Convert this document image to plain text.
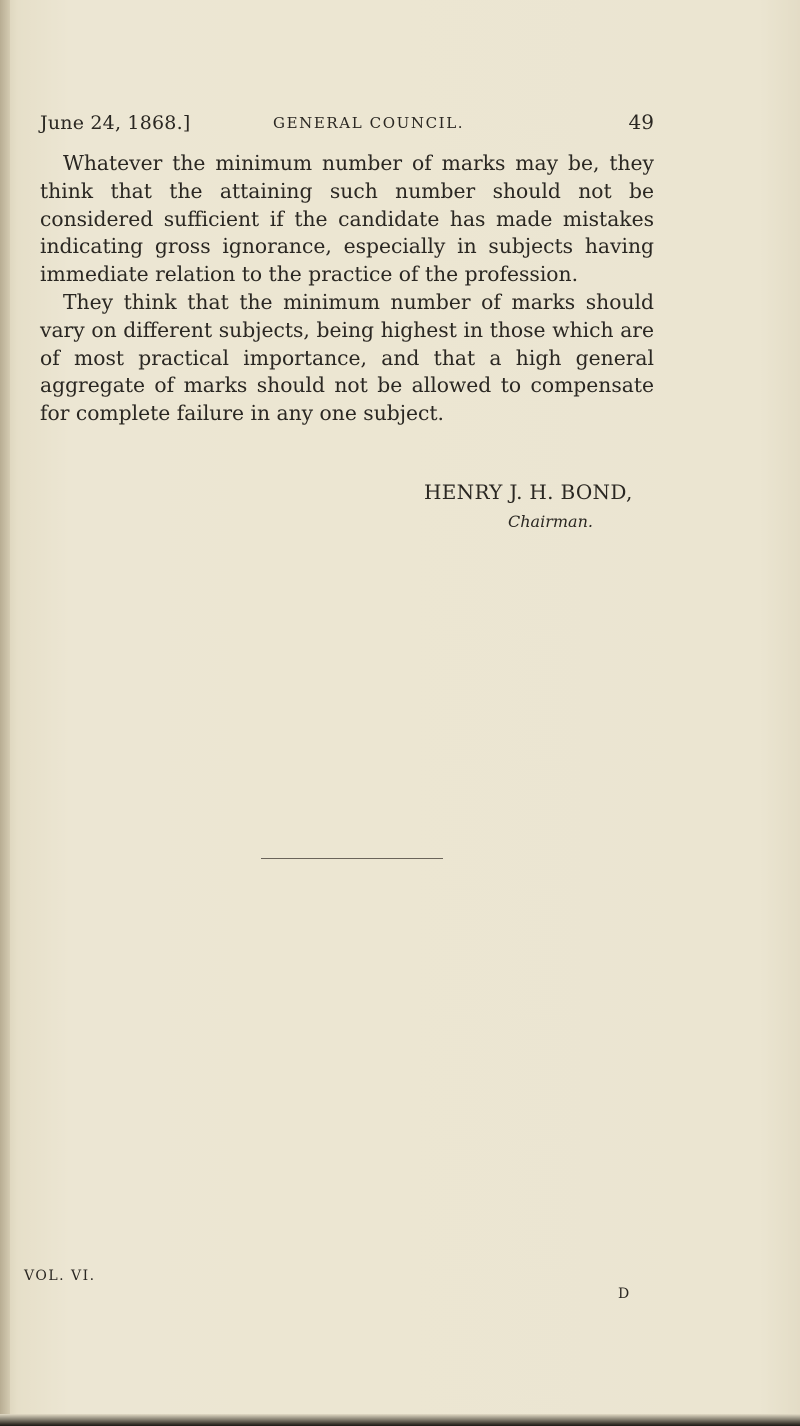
June 24, 1868.]	GENERAL COUNCIL.	49

Whatever the minimum number of marks may be, they think that the attaining such number should not be considered sufficient if the candidate has made mistakes indicating gross ignorance, especially in subjects having immediate relation to the practice of the profession.

They think that the minimum number of marks should vary on different subjects, being highest in those which are of most practical importance, and that a high general aggregate of marks should not be allowed to compensate for complete failure in any one subject.

HENRY J. H. BOND,
Chairman.
VOL. VI.
D
